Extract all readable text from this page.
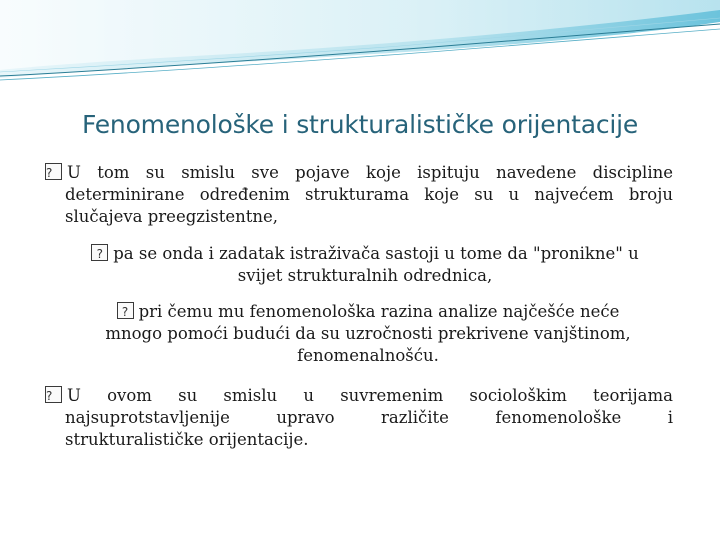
Fenomenološke i strukturalističke orijentacije
?U tom su smislu sve pojave koje ispituju navedene discipline
determinirane određenim strukturama koje su u najvećem broju
slučajeva preegzistentne,
?pa se onda i zadatak istraživača sastoji u tome da "pronikne" u
svijet strukturalnih odrednica,
?pri čemu mu fenomenološka razina analize najčešće neće
mnogo pomoći budući da su uzročnosti prekrivene vanjštinom,
fenomenalnošću.
?U ovom su smislu u suvremenim sociološkim teorijama
najsuprotstavljenije upravo različite fenomenološke i
strukturalističke orijentacije.
